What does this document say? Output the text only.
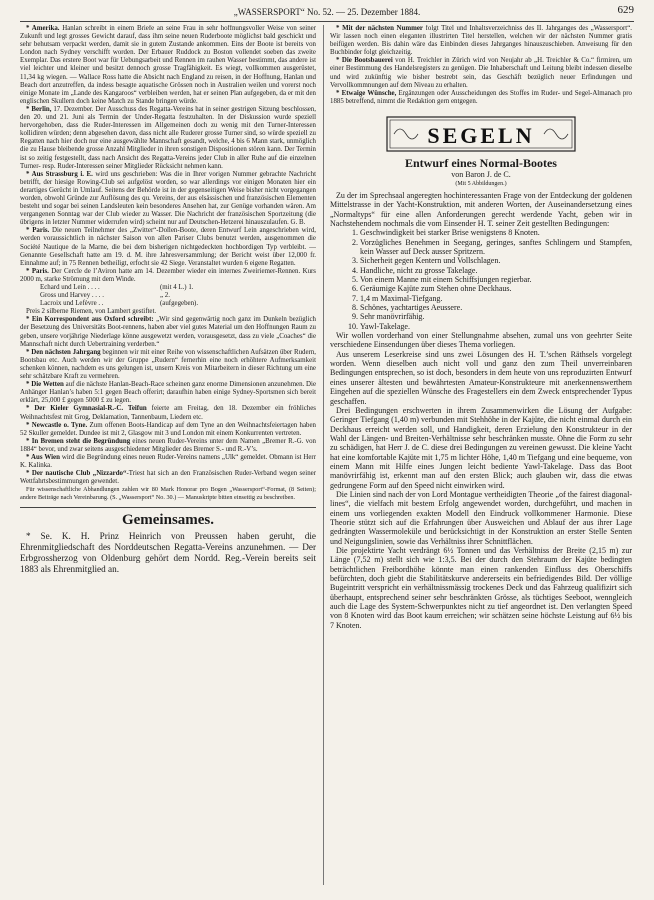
„WASSERSPORT“ No. 52. — 25. Dezember 1884.	629

* Amerika. Hanlan schreibt in einem Briefe an seine Frau in sehr hoffnungsvoller Weise von seiner Zukunft und legt grosses Gewicht darauf, dass ihm seine neuen Ruderboote möglichst bald geschickt und sehr behutsam verpackt werden, damit sie in gutem Zustande ankommen. Eins der Boote ist bereits von London nach Sydney verschifft worden. Der Erbauer Ruddock zu Boston vollendet soeben das zweite Exemplar. Das erstere Boot war für Uebungsarbeit und Rennen im rauhen Wasser bestimmt, das andere ist viel leichter und kleiner und besitzt dennoch grosse Tragfähigkeit. Es wiegt, vollkommen ausgerüstet, 11,34 kg wiegen. — Wallace Ross hatte die Absicht nach England zu reisen, in der Hoffnung, Hanlan und Beach dort anzutreffen, da indess besagte aquatische Grössen noch in Australien weilen und vorerst noch einige Monate im „Lande des Kangaroos“ verbleiben werden, hat er seinen Plan aufgegeben, da er mit den englischen Skullern doch keine Match zu Stande bringen würde.

* Berlin, 17. Dezember. Der Ausschuss des Regatta-Vereins hat in seiner gestrigen Sitzung beschlossen, den 20. und 21. Juni als Termin der Under-Regatta festzuhalten. In der Diskussion wurde speziell hervorgehoben, dass die Ruder-Interessen im Allgemeinen doch zu wenig mit den Turner-Interessen kollidiren würden; denn abgesehen davon, dass nicht alle Ruderer grosse Turner sind, so würde speziell zu Regatten nach hier doch nur eine ausgewählte Mannschaft gesandt, welche, 4 bis 6 Mann stark, unmöglich die zu Hause bleibende grosse Anzahl Mitglieder in ihren sonstigen Dispositionen stören kann. Der Termin ist so zeitig festgestellt, dass nach Ansicht des Regatta-Vereins jeder Club in aller Ruhe auf die einzelnen Turner- resp. Ruder-Interessen seiner Mitglieder Rücksicht nehmen kann.

* Aus Strassburg i. E. wird uns geschrieben: Was die in Ihrer vorigen Nummer gebrachte Nachricht betrifft, der hiesige Rowing-Club sei aufgelöst worden, so war allerdings vor einigen Monaten hier ein derartiges Gerücht in Umlauf. Seitens der Behörde ist in der gegenseitigen Weise bisher nicht vorgegangen worden, obwohl Gründe zur Auflösung des qu. Vereins, der aus elsässischen und französischen Elementen besteht und sogar bei seinen Landsleuten kein besonderes Ansehen hat, zur Genüge vorhanden wären. Am vergangenen Sonntag war der Club wieder zu Wasser. Die Nachricht der französischen Sportzeitung (die übrigens in letzter Nummer widerrufen wird) scheint nur auf Deutschen-Hetzerei hinauszulaufen. G. B.

* Paris. Die neuen Teilnehmer des „Zwitter“-Dollen-Boote, deren Entwurf Lein angeschrieben wird, werden voraussichtlich in nächster Saison von allen Pariser Clubs benutzt werden, ausgenommen die Société Nautique de la Marne, die bei dem bisherigen nichtgedeckten hochbordigen Typ verbleibt. — Genannte Gesellschaft hatte am 19. d. M. ihre Jahresversammlung; der Bericht weist über 12,000 fr. Einnahme auf; in 75 Rennen betheiligt, erfocht sie 42 Siege. Veranstaltet wurden 6 eigene Regatten.

* Paris. Der Cercle de l’Aviron hatte am 14. Dezember wieder ein internes Zweiriemer-Rennen. Kurs 2000 m, starke Strömung mit dem Winde.

Echard und Lein . . . .	(mit 4 L.) 1.
Gross und Harvey . . . .	„ 2.
Lacroix und Lefèvre . .	(aufgegeben).

Preis 2 silberne Riemen, von Lambert gestiftet.

* Ein Korrespondent aus Oxford schreibt: „Wir sind gegenwärtig noch ganz im Dunkeln bezüglich der Besetzung des Universitäts Boot-rennens, haben aber viel gutes Material um den Hoffnungen Raum zu geben, unsere vorjährige Niederlage könne ausgewetzt werden, vorausgesetzt, dass zu viele „Coaches“ die Mannschaft nicht durch Uebertraining verderben.“

* Den nächsten Jahrgang beginnen wir mit einer Reihe von wissenschaftlichen Aufsätzen über Rudern, Bootsbau etc. Auch werden wir der Gruppe „Rudern“ fernerhin eine noch erhöhtere Aufmerksamkeit schenken können, nachdem es uns gelungen ist, unsern Kreis von Mitarbeitern in dieser Richtung um eine sehr schätzbare Kraft zu vermehren.

* Die Wetten auf die nächste Hanlan-Beach-Race scheinen ganz enorme Dimensionen anzunehmen. Die Anhänger Hanlan’s haben 5:1 gegen Beach offerirt; daraufhin haben einige Sydney-Sportsmen sich bereit erklärt, 25,000 £ gegen 5000 £ zu legen.

* Der Kieler Gymnasial-R.-C. Teifun feierte am Freitag, den 18. Dezember ein fröhliches Weihnachtsfest mit Grog, Deklamation, Tannenbaum, Liedern etc.

* Newcastle o. Tyne. Zum offenen Boots-Handicap auf dem Tyne an den Weihnachtsfeiertagen haben 52 Skuller gemeldet. Dundee ist mit 2, Glasgow mit 3 und London mit einem Konkurrenten vertreten.

* In Bremen steht die Begründung eines neuen Ruder-Vereins unter dem Namen „Bremer R.-G. von 1884“ bevor, und zwar seitens ausgeschiedener Mitglieder des Bremer S.- und R.-V’s.

* Aus Wien wird die Begründung eines neuen Ruder-Vereins namens „Ulk“ gemeldet. Obmann ist Herr K. Kalinka.

* Der nautische Club „Nizzardo“-Triest hat sich an den Französischen Ruder-Verband wegen seiner Wettfahrtsbestimmungen gewendet.

Für wissenschaftliche Abhandlungen zahlen wir 80 Mark Honorar pro Bogen „Wassersport“-Format, (8 Seiten); andere Beiträge nach Vereinbarung. (S. „Wassersport“ No. 30.) — Manuskripte bitten einseitig zu beschreiben.

Gemeinsames.

* Se. K. H. Prinz Heinrich von Preussen haben geruht, die Ehrenmitgliedschaft des Norddeutschen Regatta-Vereins anzunehmen. — Der Erbgrossherzog von Oldenburg gehört dem Nordd. Reg.-Verein bereits seit 1883 als Ehrenmitglied an.

* Mit der nächsten Nummer folgt Titel und Inhaltsverzeichniss des II. Jahrganges des „Wassersport“. Wir lassen noch einen eleganten illustrirten Titel herstellen, welchen wir der nächsten Nummer gratis beifügen werden. Bis dahin wäre das Einbinden dieses Jahrganges hinauszuschieben. Anweisung für den Buchbinder folgt gleichzeitig.

* Die Bootsbauerei von H. Treichler in Zürich wird von Neujahr ab „H. Treichler & Co.“ firmiren, um einer Bestimmung des Handelsregisters zu genügen. Die Inhaberschaft und Leitung bleibt indessen dieselbe und wird zukünftig wie bisher bestrebt sein, das Geschäft bezüglich neuer Erfindungen und Vervollkommnungen auf dem Niveau zu erhalten.

* Etwaige Wünsche, Ergänzungen oder Ausscheidungen des Stoffes im Ruder- und Segel-Almanach pro 1885 betreffend, nimmt die Redaktion gern entgegen.

SEGELN
Entwurf eines Normal-Bootes
von Baron J. de C.
(Mit 5 Abbildungen.)

Zu der im Sprechsaal angeregten hochinteressanten Frage von der Entdeckung der goldenen Mittelstrasse in der Yacht-Konstruktion, mit anderen Worten, der Auseinandersetzung eines „Normaltyps“ für eine allen Anforderungen gerecht werdende Yacht, geben wir in Nachstehendem nochmals die vom Einsender H. T. seiner Zeit gestellten Bedingungen:

1. Geschwindigkeit bei starker Brise wenigstens 8 Knoten.
2. Vorzügliches Benehmen in Seegang, geringes, sanftes Schlingern und Stampfen, kein Wasser auf Deck ausser Spritzern.
3. Sicherheit gegen Kentern und Vollschlagen.
4. Handliche, nicht zu grosse Takelage.
5. Von einem Manne mit einem Schiffsjungen regierbar.
6. Geräumige Kajüte zum Stehen ohne Deckhaus.
7. 1,4 m Maximal-Tiefgang.
8. Schönes, yachtartiges Aeussere.
9. Sehr manövrirfähig.
10. Yawl-Takelage.

Wir wollen vorderhand von einer Stellungnahme absehen, zumal uns von geehrter Seite verschiedene Einsendungen über dieses Thema vorliegen.

Aus unserem Leserkreise sind uns zwei Lösungen des H. T.’schen Räthsels vorgelegt worden. Wenn dieselben auch nicht voll und ganz den zum Theil unverreinbaren Bedingungen entsprechen, so ist doch, besonders in dem heute von uns reproduzirten Entwurf eines unserer ältesten und bewährtesten Amateur-Konstrukteure mit anerkennenswerthem Eingehen auf die speziellen Wünsche des Fragestellers ein dem Zweck entsprechender Typus geschaffen.

Drei Bedingungen erschwerten in ihrem Zusammenwirken die Lösung der Aufgabe: Geringer Tiefgang (1,40 m) verbunden mit Stehhöhe in der Kajüte, die nicht einmal durch ein Deckhaus erreicht werden soll, und Handigkeit, deren Erzielung den Konstrukteur in der Wahl der Längen- und Breiten-Verhältnisse sehr beschränken musste. Ohne die Form zu sehr zu schädigen, hat Herr J. de C. diese drei Bedingungen zu vereinen gewusst. Die kleine Yacht hat eine komfortable Kajüte mit 1,75 m lichter Höhe, 1,40 m Tiefgang und eine bequeme, von einem Mann mit Hilfe eines Jungen leicht bediente Yawl-Takelage. Dass das Boot manövrirfähig ist, erkennt man auf den ersten Blick; auch glauben wir, dass die etwas gedrungene Form auf den Speed nicht einwirken wird.

Die Linien sind nach der von Lord Montague vertheidigten Theorie „of the fairest diagonal-lines“, die vielfach mit bestem Erfolg angewendet worden, durchgeführt, und machen in einem uns vorliegenden exakten Modell den Eindruck vollkommener Harmonie. Diese Theorie stützt sich auf die Erfahrungen über Ausweichen und Ablauf der aus ihrer Lage gedrängten Wassermoleküle und berücksichtigt in der Konstruktion an erster Stelle Senten und Neigungslinien, sowie das Verhältniss ihrer Schnittflächen.

Die projektirte Yacht verdrängt 6½ Tonnen und das Verhältniss der Breite (2,15 m) zur Länge (7,52 m) stellt sich wie 1:3,5. Bei der durch den Stehraum der Kajüte bedingten beträchtlichen Freibordhöhe könnte man einen rankenden Einfluss des Oberschiffs befürchten, doch giebt die Stabilitätskurve andererseits ein befriedigendes Bild. Der völlige Bugeintritt verspricht ein verhältnissmässig trockenes Deck und das Fahrzeug qualifizirt sich überhaupt, entsprechend seiner sehr beschränkten Grösse, als tüchtiges Seeboot, wenngleich auch die Lage des System-Schwerpunktes nicht zu tief angeordnet ist. Den verlangten Speed von 8 Knoten wird das Boot kaum erreichen; wir schätzen seine höchste Leistung auf 6½ bis 7 Knoten.
